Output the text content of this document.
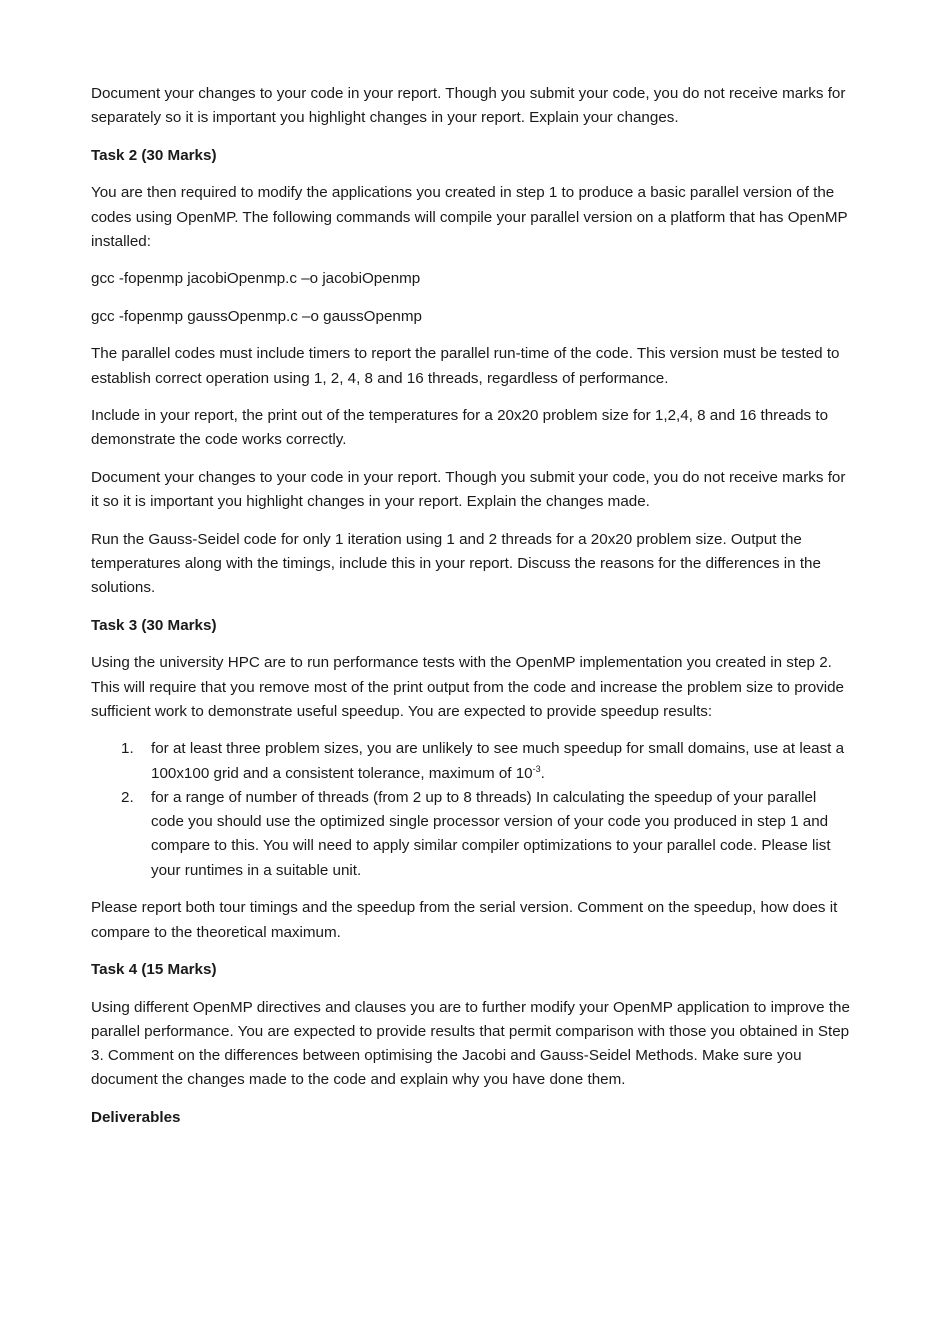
Document your changes to your code in your report. Though you submit your code, you do not receive marks for separately so it is important you highlight changes in your report. Explain your changes.

Task 2 (30 Marks)

You are then required to modify the applications you created in step 1 to produce a basic parallel version of the codes using OpenMP. The following commands will compile your parallel version on a platform that has OpenMP installed:

gcc -fopenmp jacobiOpenmp.c –o jacobiOpenmp

gcc -fopenmp gaussOpenmp.c –o gaussOpenmp

The parallel codes must include timers to report the parallel run-time of the code. This version must be tested to establish correct operation using 1, 2, 4, 8 and 16 threads, regardless of performance.

Include in your report, the print out of the temperatures for a 20x20 problem size for 1,2,4, 8 and 16 threads to demonstrate the code works correctly.

Document your changes to your code in your report. Though you submit your code, you do not receive marks for it so it is important you highlight changes in your report. Explain the changes made.

Run the Gauss-Seidel code for only 1 iteration using 1 and 2 threads for a 20x20 problem size. Output the temperatures along with the timings, include this in your report. Discuss the reasons for the differences in the solutions.

Task 3 (30 Marks)

Using the university HPC are to run performance tests with the OpenMP implementation you created in step 2. This will require that you remove most of the print output from the code and increase the problem size to provide sufficient work to demonstrate useful speedup. You are expected to provide speedup results:

1. for at least three problem sizes, you are unlikely to see much speedup for small domains, use at least a 100x100 grid and a consistent tolerance, maximum of $10^{-3}$.
2. for a range of number of threads (from 2 up to 8 threads) In calculating the speedup of your parallel code you should use the optimized single processor version of your code you produced in step 1 and compare to this. You will need to apply similar compiler optimizations to your parallel code. Please list your runtimes in a suitable unit.

Please report both tour timings and the speedup from the serial version. Comment on the speedup, how does it compare to the theoretical maximum.

Task 4 (15 Marks)

Using different OpenMP directives and clauses you are to further modify your OpenMP application to improve the parallel performance. You are expected to provide results that permit comparison with those you obtained in Step 3. Comment on the differences between optimising the Jacobi and Gauss-Seidel Methods. Make sure you document the changes made to the code and explain why you have done them.

Deliverables
